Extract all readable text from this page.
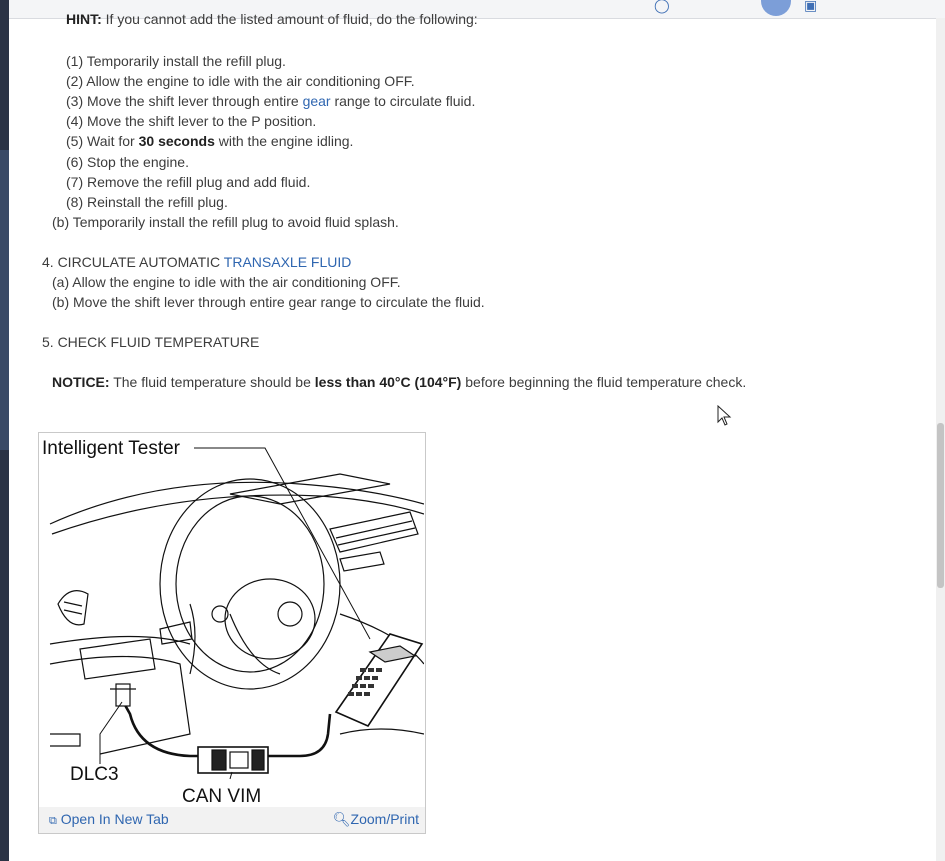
◯	▣
HINT: If you cannot add the listed amount of fluid, do the following:
(1) Temporarily install the refill plug.
(2) Allow the engine to idle with the air conditioning OFF.
(3) Move the shift lever through entire gear range to circulate fluid.
(4) Move the shift lever to the P position.
(5) Wait for 30 seconds with the engine idling.
(6) Stop the engine.
(7) Remove the refill plug and add fluid.
(8) Reinstall the refill plug.
(b) Temporarily install the refill plug to avoid fluid splash.
4. CIRCULATE AUTOMATIC TRANSAXLE FLUID
(a) Allow the engine to idle with the air conditioning OFF.
(b) Move the shift lever through entire gear range to circulate the fluid.
5. CHECK FLUID TEMPERATURE
NOTICE: The fluid temperature should be less than 40°C (104°F) before beginning the fluid temperature check.
Intelligent Tester
DLC3
CAN VIM
⧉ Open In New Tab	🔍︎Zoom/Print
